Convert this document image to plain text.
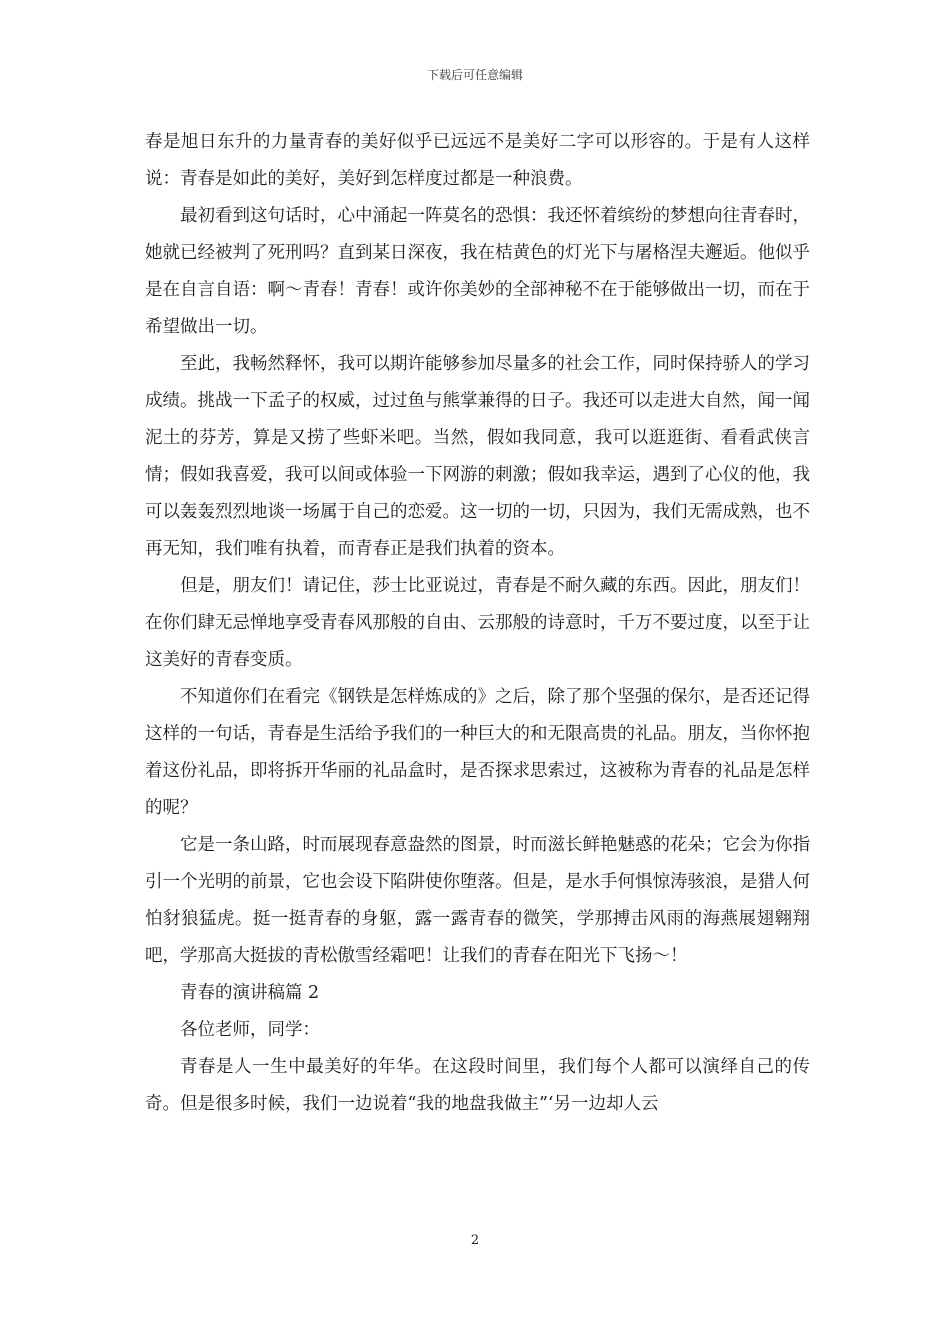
下载后可任意编辑

春是旭日东升的力量青春的美好似乎已远远不是美好二字可以形容的。于是有人这样说：青春是如此的美好，美好到怎样度过都是一种浪费。

最初看到这句话时，心中涌起一阵莫名的恐惧：我还怀着缤纷的梦想向往青春时，她就已经被判了死刑吗？直到某日深夜，我在桔黄色的灯光下与屠格涅夫邂逅。他似乎是在自言自语：啊～青春！青春！或许你美妙的全部神秘不在于能够做出一切，而在于希望做出一切。

至此，我畅然释怀，我可以期许能够参加尽量多的社会工作，同时保持骄人的学习成绩。挑战一下孟子的权威，过过鱼与熊掌兼得的日子。我还可以走进大自然，闻一闻泥土的芬芳，算是又捞了些虾米吧。当然，假如我同意，我可以逛逛街、看看武侠言情；假如我喜爱，我可以间或体验一下网游的刺激；假如我幸运，遇到了心仪的他，我可以轰轰烈烈地谈一场属于自己的恋爱。这一切的一切，只因为，我们无需成熟，也不再无知，我们唯有执着，而青春正是我们执着的资本。

但是，朋友们！请记住，莎士比亚说过，青春是不耐久藏的东西。因此，朋友们！在你们肆无忌惮地享受青春风那般的自由、云那般的诗意时，千万不要过度，以至于让这美好的青春变质。

不知道你们在看完《钢铁是怎样炼成的》之后，除了那个坚强的保尔，是否还记得这样的一句话，青春是生活给予我们的一种巨大的和无限高贵的礼品。朋友，当你怀抱着这份礼品，即将拆开华丽的礼品盒时，是否探求思索过，这被称为青春的礼品是怎样的呢？

它是一条山路，时而展现春意盎然的图景，时而滋长鲜艳魅惑的花朵；它会为你指引一个光明的前景，它也会设下陷阱使你堕落。但是，是水手何惧惊涛骇浪，是猎人何怕豺狼猛虎。挺一挺青春的身躯，露一露青春的微笑，学那搏击风雨的海燕展翅翱翔吧，学那高大挺拔的青松傲雪经霜吧！让我们的青春在阳光下飞扬～！

青春的演讲稿篇 2

各位老师，同学：

青春是人一生中最美好的年华。在这段时间里，我们每个人都可以演绎自己的传奇。但是很多时候，我们一边说着“我的地盘我做主”‘另一边却人云

2
